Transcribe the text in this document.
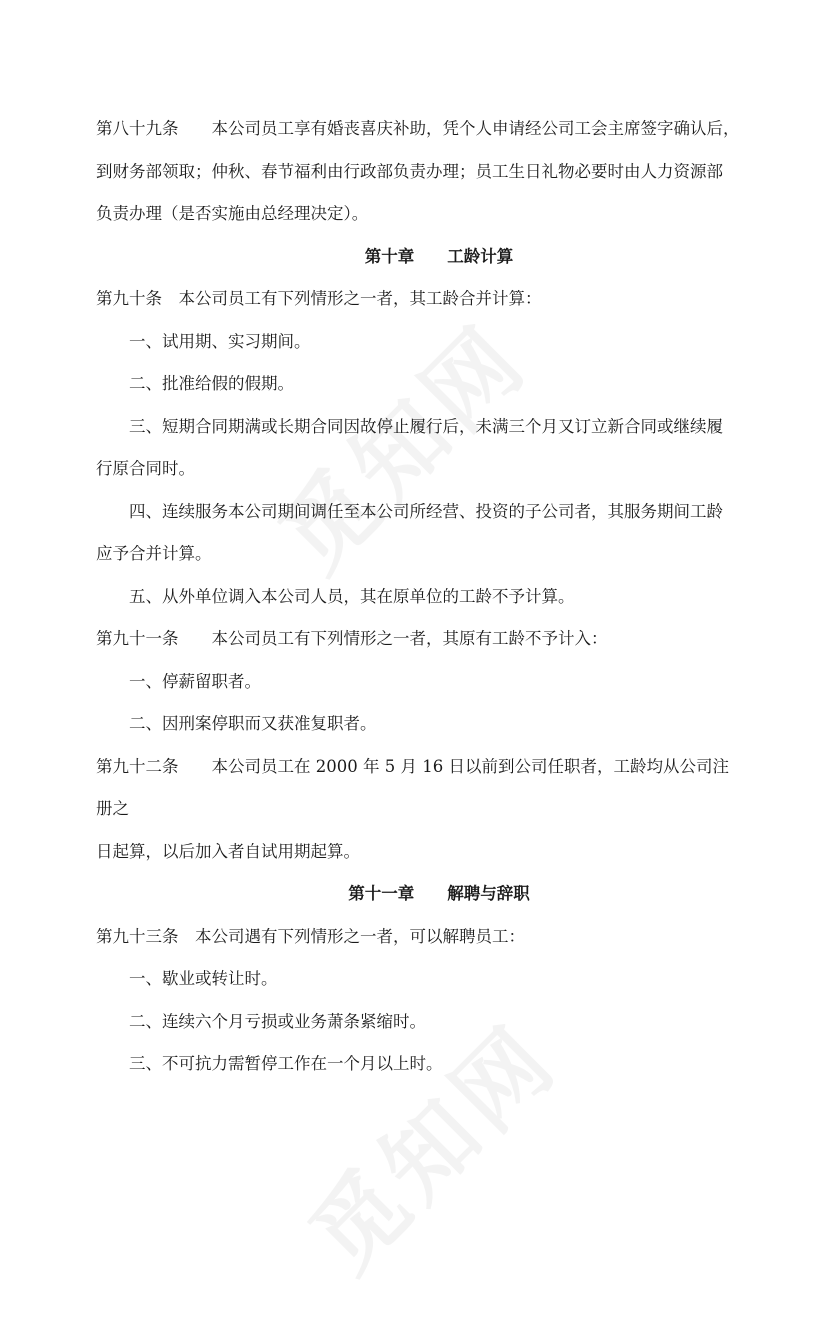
第八十九条　　本公司员工享有婚丧喜庆补助，凭个人申请经公司工会主席签字确认后，

到财务部领取；仲秋、春节福利由行政部负责办理；员工生日礼物必要时由人力资源部

负责办理（是否实施由总经理决定）。

第十章　　工龄计算

第九十条　本公司员工有下列情形之一者，其工龄合并计算：

一、试用期、实习期间。

二、批准给假的假期。

三、短期合同期满或长期合同因故停止履行后，未满三个月又订立新合同或继续履

行原合同时。

四、连续服务本公司期间调任至本公司所经营、投资的子公司者，其服务期间工龄

应予合并计算。

五、从外单位调入本公司人员，其在原单位的工龄不予计算。

第九十一条　　本公司员工有下列情形之一者，其原有工龄不予计入：

一、停薪留职者。

二、因刑案停职而又获准复职者。

第九十二条　　本公司员工在 2000 年 5 月 16 日以前到公司任职者，工龄均从公司注册之

日起算，以后加入者自试用期起算。

第十一章　　解聘与辞职

第九十三条　本公司遇有下列情形之一者，可以解聘员工：

一、歇业或转让时。

二、连续六个月亏损或业务萧条紧缩时。

三、不可抗力需暂停工作在一个月以上时。
